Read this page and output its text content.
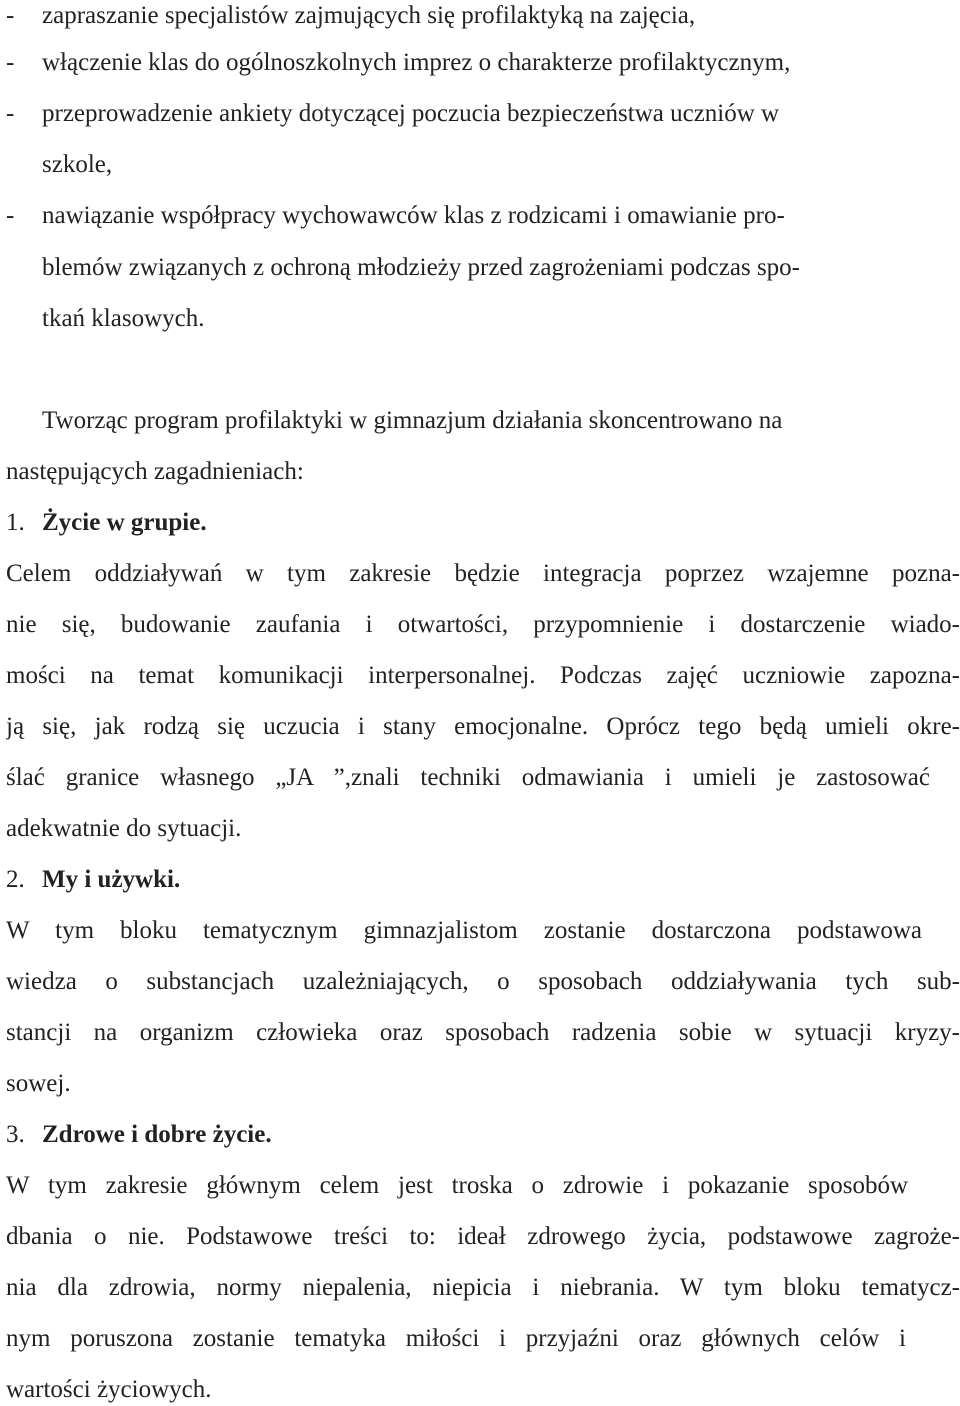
- zapraszanie specjalistów zajmujących się profilaktyką na zajęcia,
- włączenie klas do ogólnoszkolnych imprez o charakterze profilaktycznym,
- przeprowadzenie ankiety dotyczącej poczucia bezpieczeństwa uczniów w
szkole,
- nawiązanie współpracy wychowawców klas z rodzicami i omawianie pro-
blemów związanych z ochroną młodzieży przed zagrożeniami podczas spo-
tkań klasowych.
Tworząc program profilaktyki w gimnazjum działania skoncentrowano na
następujących zagadnieniach:
1. Życie w grupie.
Celem oddziaływań w tym zakresie będzie integracja poprzez wzajemne pozna-
nie się, budowanie zaufania i otwartości, przypomnienie i dostarczenie wiado-
mości na temat komunikacji interpersonalnej. Podczas zajęć uczniowie zapozna-
ją się, jak rodzą się uczucia i stany emocjonalne. Oprócz tego będą umieli okre-
ślać granice własnego „JA ”,znali techniki odmawiania i umieli je zastosować
adekwatnie do sytuacji.
2. My i używki.
W tym bloku tematycznym gimnazjalistom zostanie dostarczona podstawowa
wiedza o substancjach uzależniających, o sposobach oddziaływania tych sub-
stancji na organizm człowieka oraz sposobach radzenia sobie w sytuacji kryzy-
sowej.
3. Zdrowe i dobre życie.
W tym zakresie głównym celem jest troska o zdrowie i pokazanie sposobów
dbania o nie. Podstawowe treści to: ideał zdrowego życia, podstawowe zagroże-
nia dla zdrowia, normy niepalenia, niepicia i niebrania. W tym bloku tematycz-
nym poruszona zostanie tematyka miłości i przyjaźni oraz głównych celów i
wartości życiowych.
